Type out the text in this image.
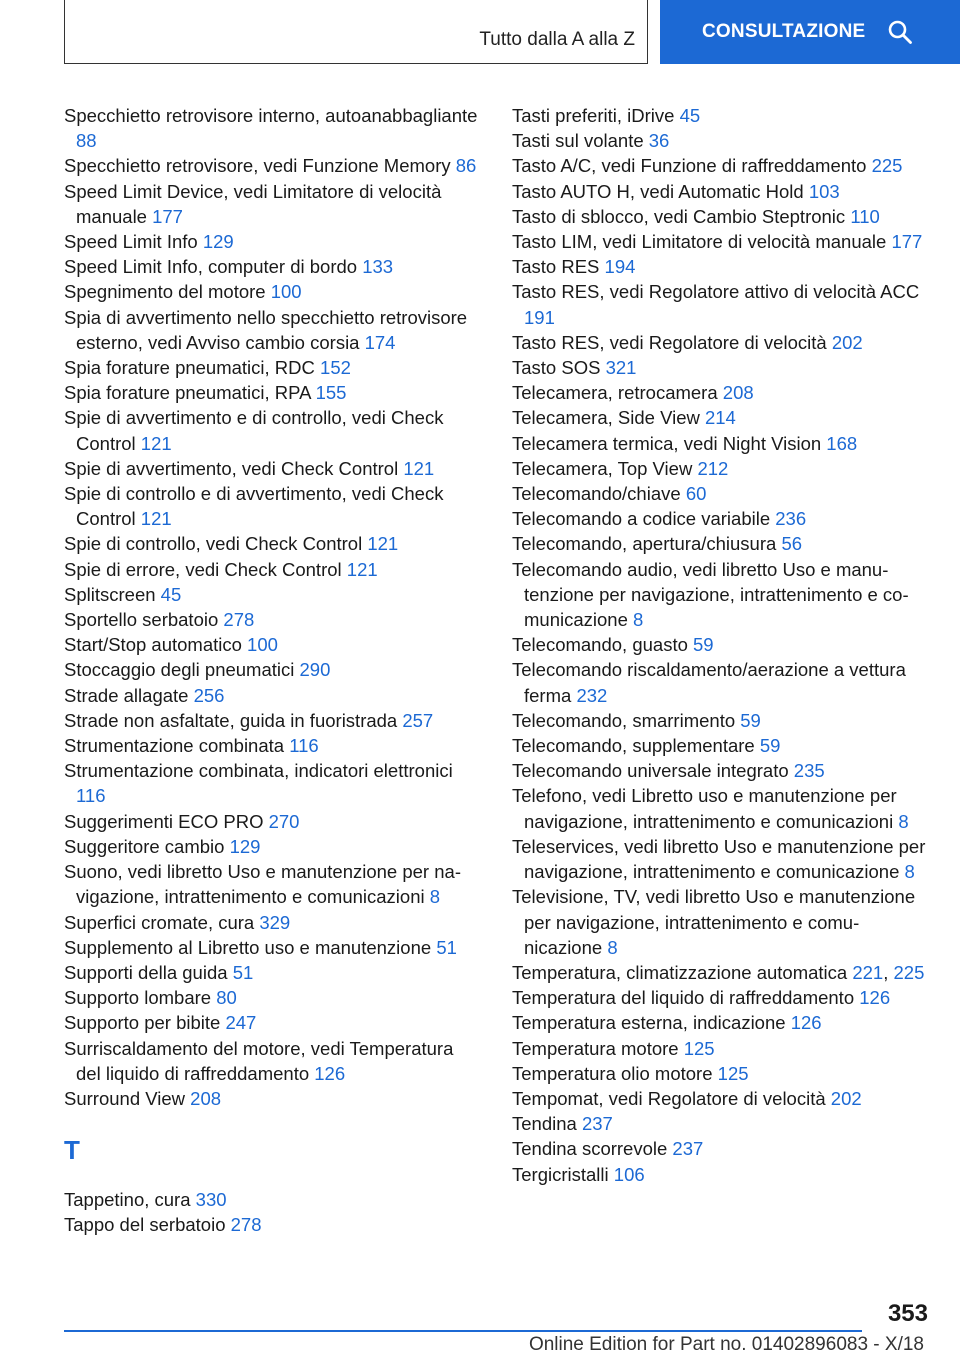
Tutto dalla A alla Z	CONSULTAZIONE
Specchietto retrovisore interno, autoanabbagliante 88
Specchietto retrovisore, vedi Funzione Memory 86
Speed Limit Device, vedi Limitatore di velocità manuale 177
Speed Limit Info 129
Speed Limit Info, computer di bordo 133
Spegnimento del motore 100
Spia di avvertimento nello specchietto retrovisore esterno, vedi Avviso cambio corsia 174
Spia forature pneumatici, RDC 152
Spia forature pneumatici, RPA 155
Spie di avvertimento e di controllo, vedi Check Control 121
Spie di avvertimento, vedi Check Control 121
Spie di controllo e di avvertimento, vedi Check Control 121
Spie di controllo, vedi Check Control 121
Spie di errore, vedi Check Control 121
Splitscreen 45
Sportello serbatoio 278
Start/Stop automatico 100
Stoccaggio degli pneumatici 290
Strade allagate 256
Strade non asfaltate, guida in fuoristrada 257
Strumentazione combinata 116
Strumentazione combinata, indicatori elettronici 116
Suggerimenti ECO PRO 270
Suggeritore cambio 129
Suono, vedi libretto Uso e manutenzione per navigazione, intrattenimento e comunicazioni 8
Superfici cromate, cura 329
Supplemento al Libretto uso e manutenzione 51
Supporti della guida 51
Supporto lombare 80
Supporto per bibite 247
Surriscaldamento del motore, vedi Temperatura del liquido di raffreddamento 126
Surround View 208
T
Tappetino, cura 330
Tappo del serbatoio 278
Tasti preferiti, iDrive 45
Tasti sul volante 36
Tasto A/C, vedi Funzione di raffreddamento 225
Tasto AUTO H, vedi Automatic Hold 103
Tasto di sblocco, vedi Cambio Steptronic 110
Tasto LIM, vedi Limitatore di velocità manuale 177
Tasto RES 194
Tasto RES, vedi Regolatore attivo di velocità ACC 191
Tasto RES, vedi Regolatore di velocità 202
Tasto SOS 321
Telecamera, retrocamera 208
Telecamera, Side View 214
Telecamera termica, vedi Night Vision 168
Telecamera, Top View 212
Telecomando/chiave 60
Telecomando a codice variabile 236
Telecomando, apertura/chiusura 56
Telecomando audio, vedi libretto Uso e manutenzione per navigazione, intrattenimento e comunicazione 8
Telecomando, guasto 59
Telecomando riscaldamento/aerazione a vettura ferma 232
Telecomando, smarrimento 59
Telecomando, supplementare 59
Telecomando universale integrato 235
Telefono, vedi Libretto uso e manutenzione per navigazione, intrattenimento e comunicazioni 8
Teleservices, vedi libretto Uso e manutenzione per navigazione, intrattenimento e comunicazione 8
Televisione, TV, vedi libretto Uso e manutenzione per navigazione, intrattenimento e comunicazione 8
Temperatura, climatizzazione automatica 221, 225
Temperatura del liquido di raffreddamento 126
Temperatura esterna, indicazione 126
Temperatura motore 125
Temperatura olio motore 125
Tempomat, vedi Regolatore di velocità 202
Tendina 237
Tendina scorrevole 237
Tergicristalli 106
353
Online Edition for Part no. 01402896083 - X/18
